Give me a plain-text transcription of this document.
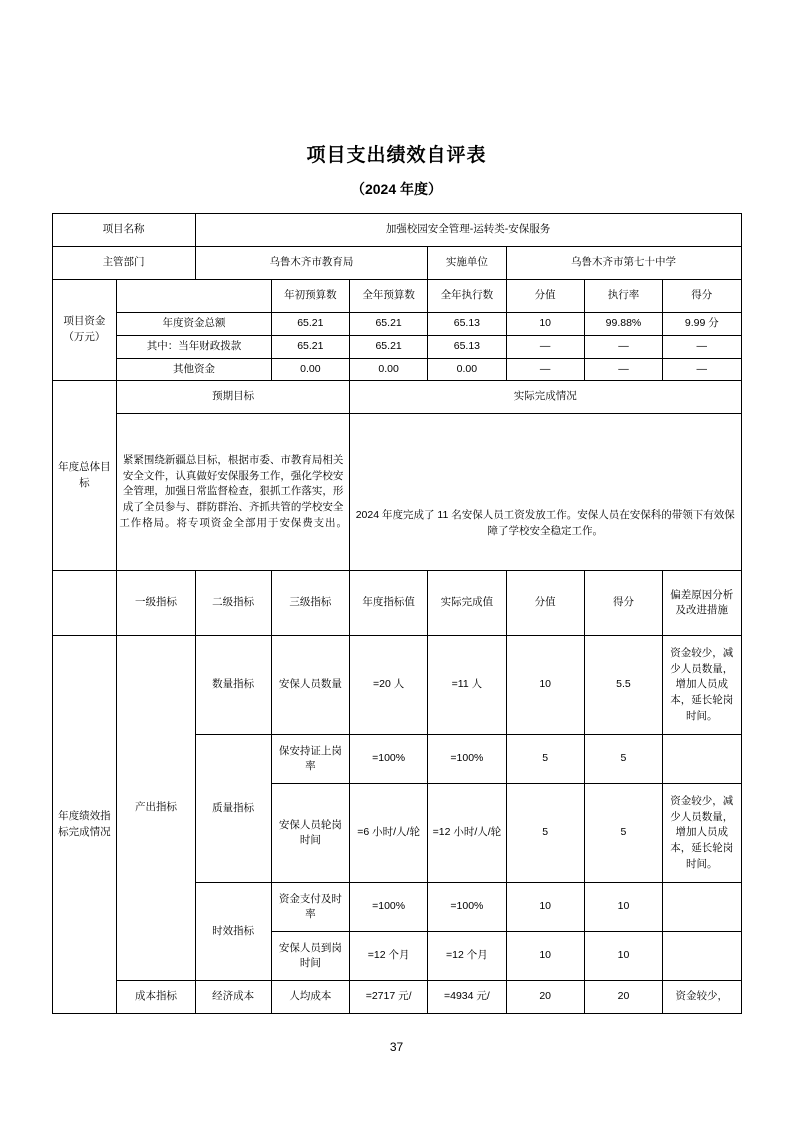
项目支出绩效自评表
（2024 年度）
项目名称		加强校园安全管理-运转类-安保服务						
主管部门		乌鲁木齐市教育局			实施单位	乌鲁木齐市第七十中学		

项目资金
（万元）			年初预算数	全年预算数	全年执行数	分值	执行率	得分
	年度资金总额		65.21	65.21	65.13	10	99.88%	9.99 分
	其中：当年财政拨款		65.21	65.21	65.13	—	—	—
	其他资金		0.00	0.00	0.00	—	—	—
年度总体目标	预期目标			实际完成情况				
	紧紧围绕新疆总目标，根据市委、市教育局相关安全文件，认真做好安保服务工作，强化学校安全管理，加强日常监督检查，狠抓工作落实，形成了全员参与、群防群治、齐抓共管的学校安全工作格局。将专项资金全部用于安保费支出。			2024 年度完成了 11 名安保人员工资发放工作。安保人员在安保科的带领下有效保障了学校安全稳定工作。				
	一级指标	二级指标	三级指标	年度指标值	实际完成值	分值	得分	偏差原因分析及改进措施
年度绩效指标完成情况	产出指标	数量指标	安保人员数量	=20 人	=11 人	10	5.5	资金较少，减少人员数量，增加人员成本，延长轮岗时间。
		质量指标	保安持证上岗率	=100%	=100%	5	5	
			安保人员轮岗时间	=6 小时/人/轮	=12 小时/人/轮	5	5	资金较少，减少人员数量，增加人员成本，延长轮岗时间。
		时效指标	资金支付及时率	=100%	=100%	10	10	
			安保人员到岗时间	=12 个月	=12 个月	10	10	
	成本指标	经济成本	人均成本	=2717 元/	=4934 元/	20	20	资金较少，
37
